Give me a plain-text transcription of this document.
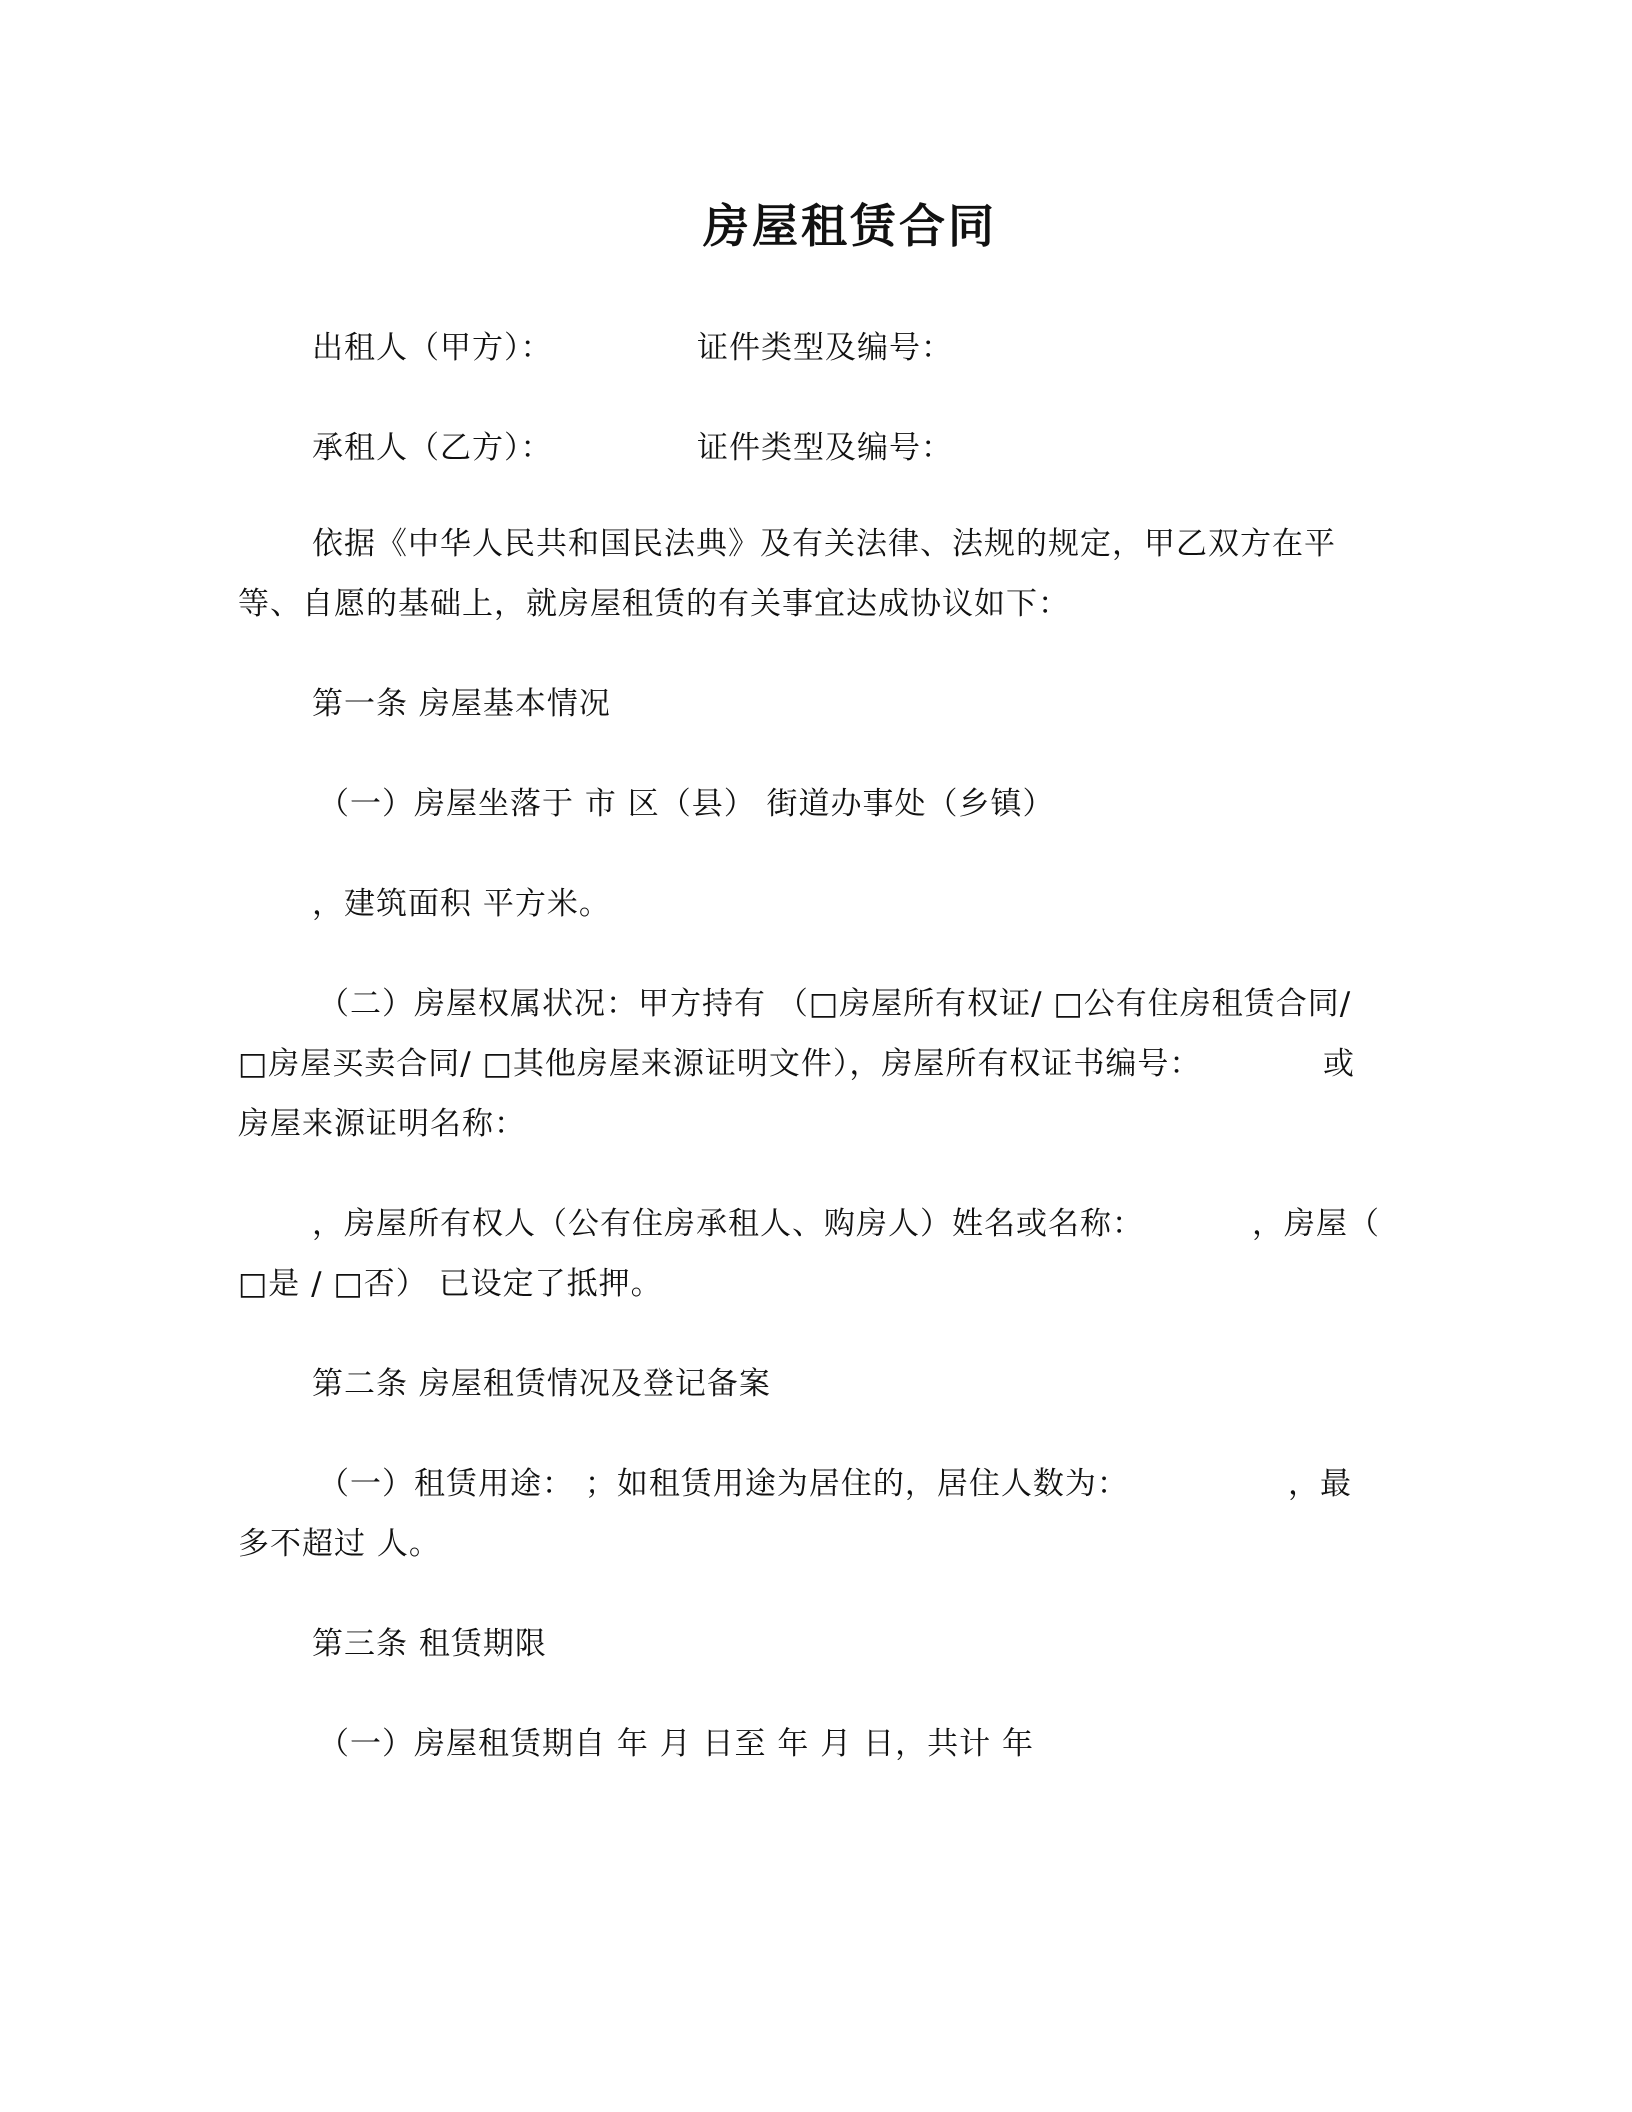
房屋租赁合同
出租人（甲方）：	证件类型及编号：
承租人（乙方）：	证件类型及编号：
依据《中华人民共和国民法典》及有关法律、法规的规定，甲乙双方在平
等、自愿的基础上，就房屋租赁的有关事宜达成协议如下：
第一条 房屋基本情况
（一）房屋坐落于 市 区（县） 街道办事处（乡镇）
，建筑面积 平方米。
（二）房屋权属状况：甲方持有 （□房屋所有权证/ □公有住房租赁合同/
□房屋买卖合同/ □其他房屋来源证明文件），房屋所有权证书编号：	或
房屋来源证明名称：
，房屋所有权人（公有住房承租人、购房人）姓名或名称：	，房屋（
□是 / □否） 已设定了抵押。
第二条 房屋租赁情况及登记备案
（一）租赁用途： ；如租赁用途为居住的，居住人数为：	，最
多不超过 人。
第三条 租赁期限
（一）房屋租赁期自 年 月 日至 年 月 日，共计 年
